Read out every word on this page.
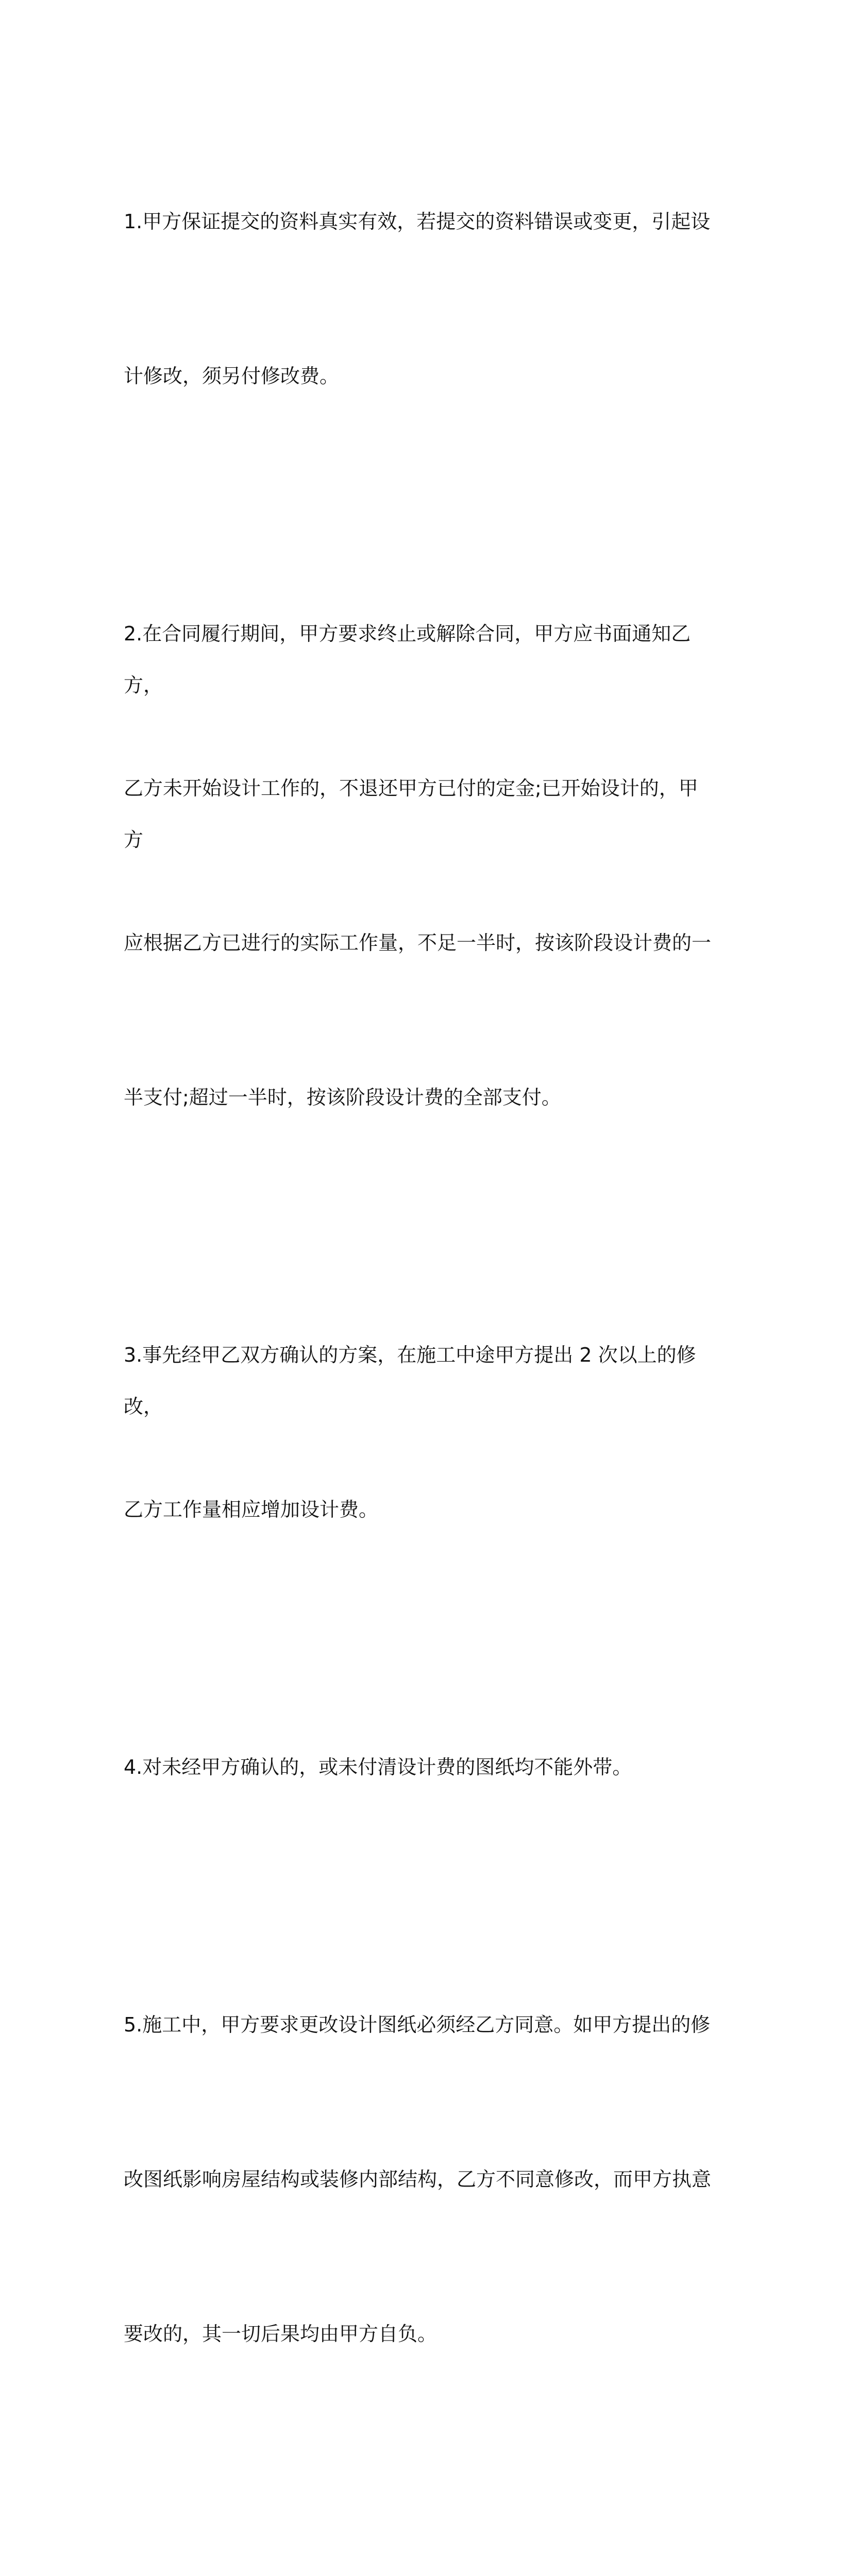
1.甲方保证提交的资料真实有效，若提交的资料错误或变更，引起设

计修改，须另付修改费。

2.在合同履行期间，甲方要求终止或解除合同，甲方应书面通知乙方，

乙方未开始设计工作的，不退还甲方已付的定金;已开始设计的，甲方

应根据乙方已进行的实际工作量，不足一半时，按该阶段设计费的一

半支付;超过一半时，按该阶段设计费的全部支付。

3.事先经甲乙双方确认的方案，在施工中途甲方提出 2 次以上的修改，

乙方工作量相应增加设计费。

4.对未经甲方确认的，或未付清设计费的图纸均不能外带。

5.施工中，甲方要求更改设计图纸必须经乙方同意。如甲方提出的修

改图纸影响房屋结构或装修内部结构，乙方不同意修改，而甲方执意

要改的，其一切后果均由甲方自负。
